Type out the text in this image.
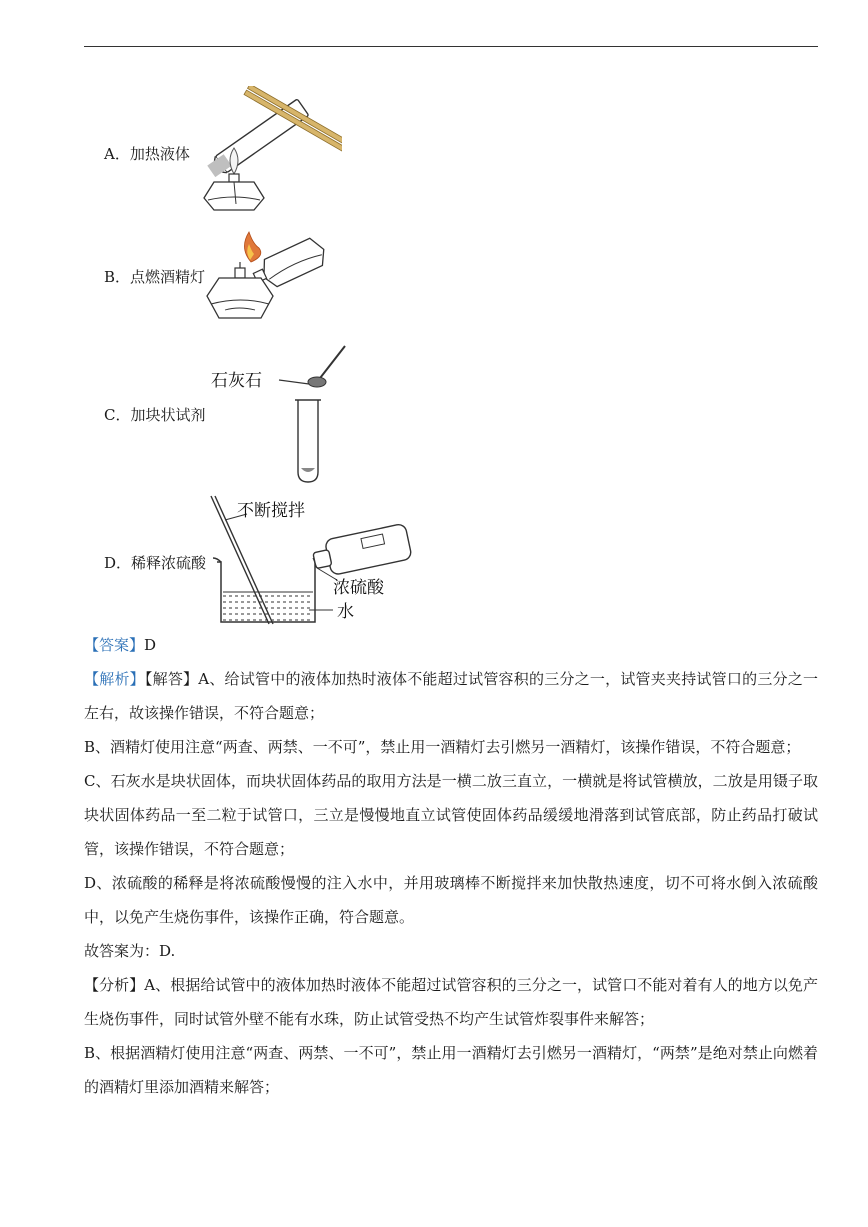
A．加热液体
B．点燃酒精灯
C．加块状试剂
石灰石
D．稀释浓硫酸
不断搅拌
浓硫酸
水

【答案】D

【解析】【解答】A、给试管中的液体加热时液体不能超过试管容积的三分之一，试管夹夹持试管口的三分之一左右，故该操作错误，不符合题意；

B、酒精灯使用注意“两查、两禁、一不可”，禁止用一酒精灯去引燃另一酒精灯，该操作错误，不符合题意；

C、石灰水是块状固体，而块状固体药品的取用方法是一横二放三直立，一横就是将试管横放，二放是用镊子取块状固体药品一至二粒于试管口，三立是慢慢地直立试管使固体药品缓缓地滑落到试管底部，防止药品打破试管，该操作错误，不符合题意；

D、浓硫酸的稀释是将浓硫酸慢慢的注入水中，并用玻璃棒不断搅拌来加快散热速度，切不可将水倒入浓硫酸中，以免产生烧伤事件，该操作正确，符合题意。

故答案为：D.

【分析】A、根据给试管中的液体加热时液体不能超过试管容积的三分之一，试管口不能对着有人的地方以免产生烧伤事件，同时试管外壁不能有水珠，防止试管受热不均产生试管炸裂事件来解答；

B、根据酒精灯使用注意“两查、两禁、一不可”，禁止用一酒精灯去引燃另一酒精灯，“两禁”是绝对禁止向燃着的酒精灯里添加酒精来解答；
